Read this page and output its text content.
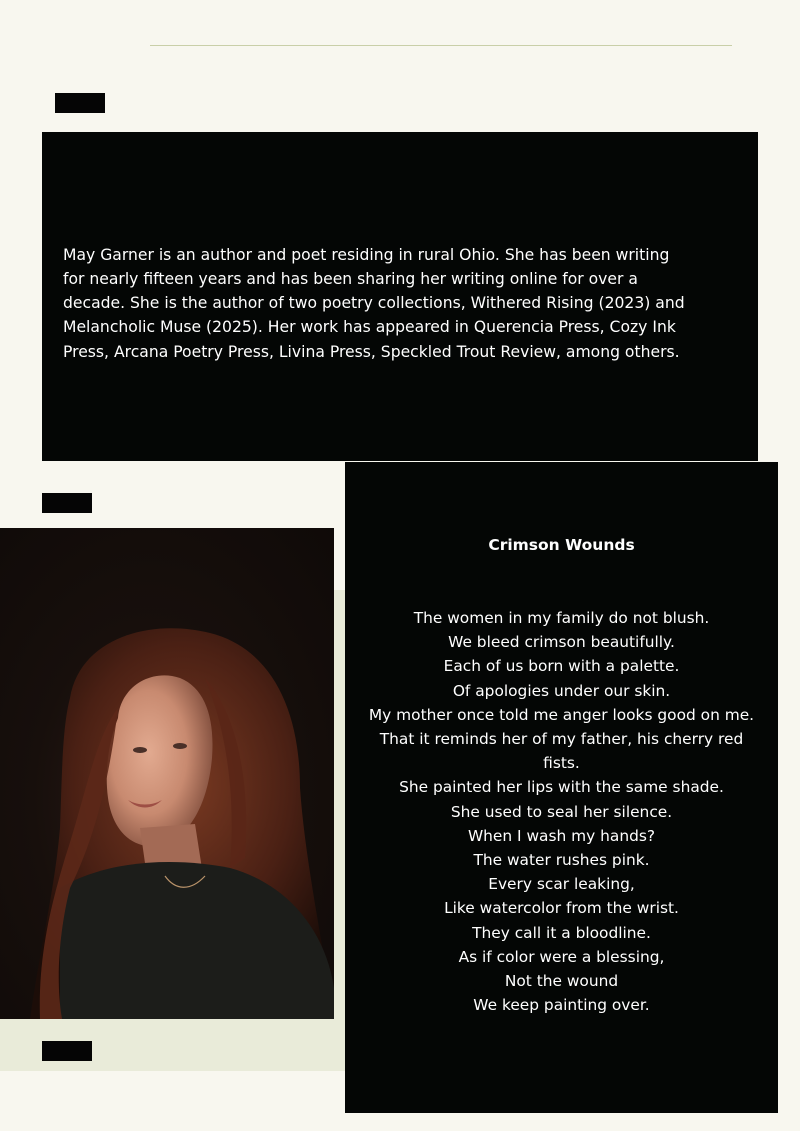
May Garner is an author and poet residing in rural Ohio. She has been writing
for nearly fifteen years and has been sharing her writing online for over a
decade. She is the author of two poetry collections, Withered Rising (2023) and
Melancholic Muse (2025). Her work has appeared in Querencia Press, Cozy Ink
Press, Arcana Poetry Press, Livina Press, Speckled Trout Review, among others.

Crimson Wounds
The women in my family do not blush.
We bleed crimson beautifully.
Each of us born with a palette.
Of apologies under our skin.
My mother once told me anger looks good on me.
That it reminds her of my father, his cherry red fists.
She painted her lips with the same shade.
She used to seal her silence.
When I wash my hands?
The water rushes pink.
Every scar leaking,
Like watercolor from the wrist.
They call it a bloodline.
As if color were a blessing,
Not the wound
We keep painting over.
